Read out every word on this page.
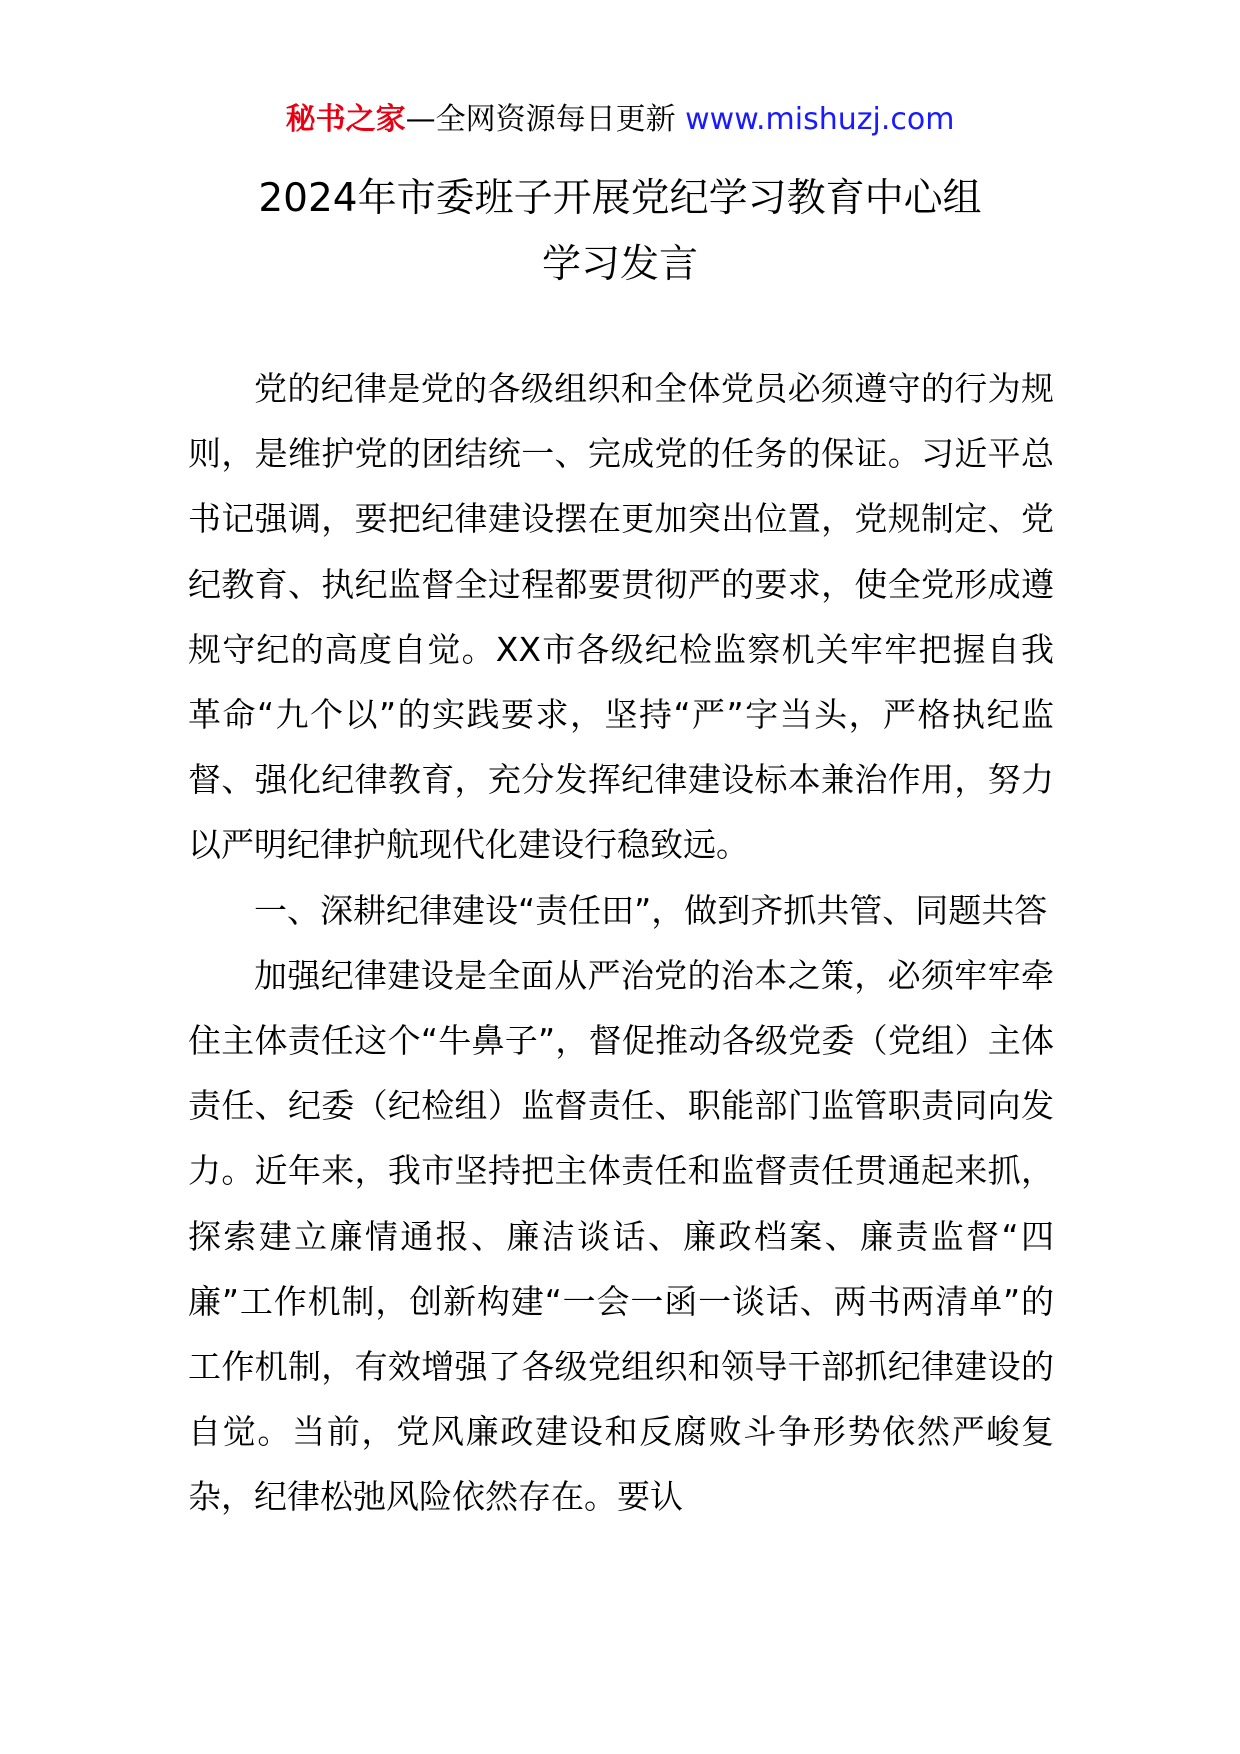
秘书之家—全网资源每日更新 www.mishuzj.com
2024年市委班子开展党纪学习教育中心组
学习发言

党的纪律是党的各级组织和全体党员必须遵守的行为规则，是维护党的团结统一、完成党的任务的保证。习近平总书记强调，要把纪律建设摆在更加突出位置，党规制定、党纪教育、执纪监督全过程都要贯彻严的要求，使全党形成遵规守纪的高度自觉。XX市各级纪检监察机关牢牢把握自我革命“九个以”的实践要求，坚持“严”字当头，严格执纪监督、强化纪律教育，充分发挥纪律建设标本兼治作用，努力以严明纪律护航现代化建设行稳致远。

一、深耕纪律建设“责任田”，做到齐抓共管、同题共答

加强纪律建设是全面从严治党的治本之策，必须牢牢牵住主体责任这个“牛鼻子”，督促推动各级党委（党组）主体责任、纪委（纪检组）监督责任、职能部门监管职责同向发力。近年来，我市坚持把主体责任和监督责任贯通起来抓，探索建立廉情通报、廉洁谈话、廉政档案、廉责监督“四廉”工作机制，创新构建“一会一函一谈话、两书两清单”的工作机制，有效增强了各级党组织和领导干部抓纪律建设的自觉。当前，党风廉政建设和反腐败斗争形势依然严峻复杂，纪律松弛风险依然存在。要认
